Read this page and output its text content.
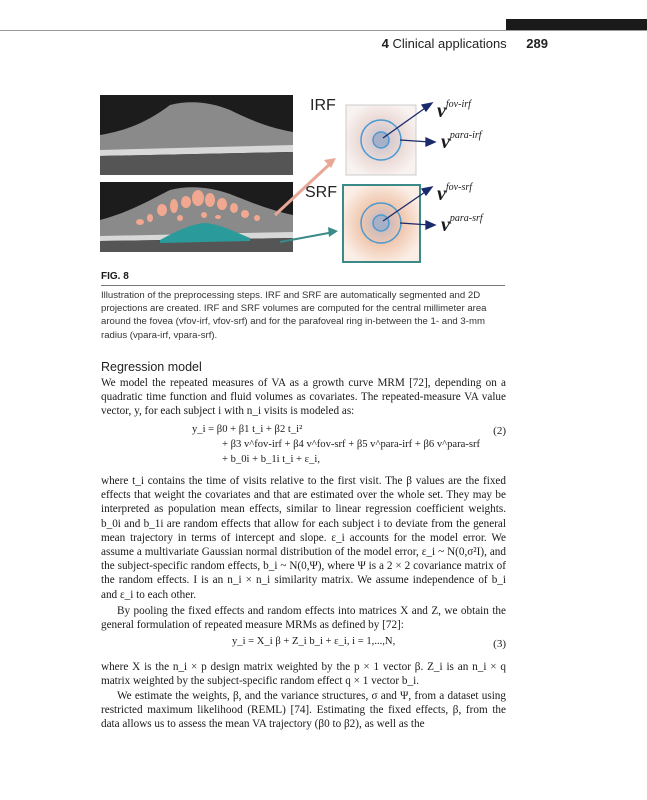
4 Clinical applications 289
IRF
SRF
$v^{fov-irf}$
$v^{para-irf}$
$v^{fov-srf}$
$v^{para-srf}$
FIG. 8
Illustration of the preprocessing steps. IRF and SRF are automatically segmented and 2D projections are created. IRF and SRF volumes are computed for the central millimeter area around the fovea (vfov-irf, vfov-srf) and for the parafoveal ring in-between the 1- and 3-mm radius (vpara-irf, vpara-srf).
Regression model
We model the repeated measures of VA as a growth curve MRM [72], depending on a quadratic time function and fluid volumes as covariates. The repeated-measure VA value vector, y, for each subject i with n_i visits is modeled as:
y_i = β0 + β1 t_i + β2 t_i²
+ β3 v^fov-irf + β4 v^fov-srf + β5 v^para-irf + β6 v^para-srf
+ b_0i + b_1i t_i + ε_i,
(2)
where t_i contains the time of visits relative to the first visit. The β values are the fixed effects that weight the covariates and that are estimated over the whole set. They may be interpreted as population mean effects, similar to linear regression coefficient weights. b_0i and b_1i are random effects that allow for each subject i to deviate from the general mean trajectory in terms of intercept and slope. ε_i accounts for the model error. We assume a multivariate Gaussian normal distribution of the model error, ε_i ~ N(0,σ²I), and the subject-specific random effects, b_i ~ N(0,Ψ), where Ψ is a 2 × 2 covariance matrix of the random effects. I is an n_i × n_i similarity matrix. We assume independence of b_i and ε_i to each other.
By pooling the fixed effects and random effects into matrices X and Z, we obtain the general formulation of repeated measure MRMs as defined by [72]:
y_i = X_i β + Z_i b_i + ε_i, i = 1,...,N,	(3)
where X is the n_i × p design matrix weighted by the p × 1 vector β. Z_i is an n_i × q matrix weighted by the subject-specific random effect q × 1 vector b_i.
We estimate the weights, β, and the variance structures, σ and Ψ, from a dataset using restricted maximum likelihood (REML) [74]. Estimating the fixed effects, β, from the data allows us to assess the mean VA trajectory (β0 to β2), as well as the
